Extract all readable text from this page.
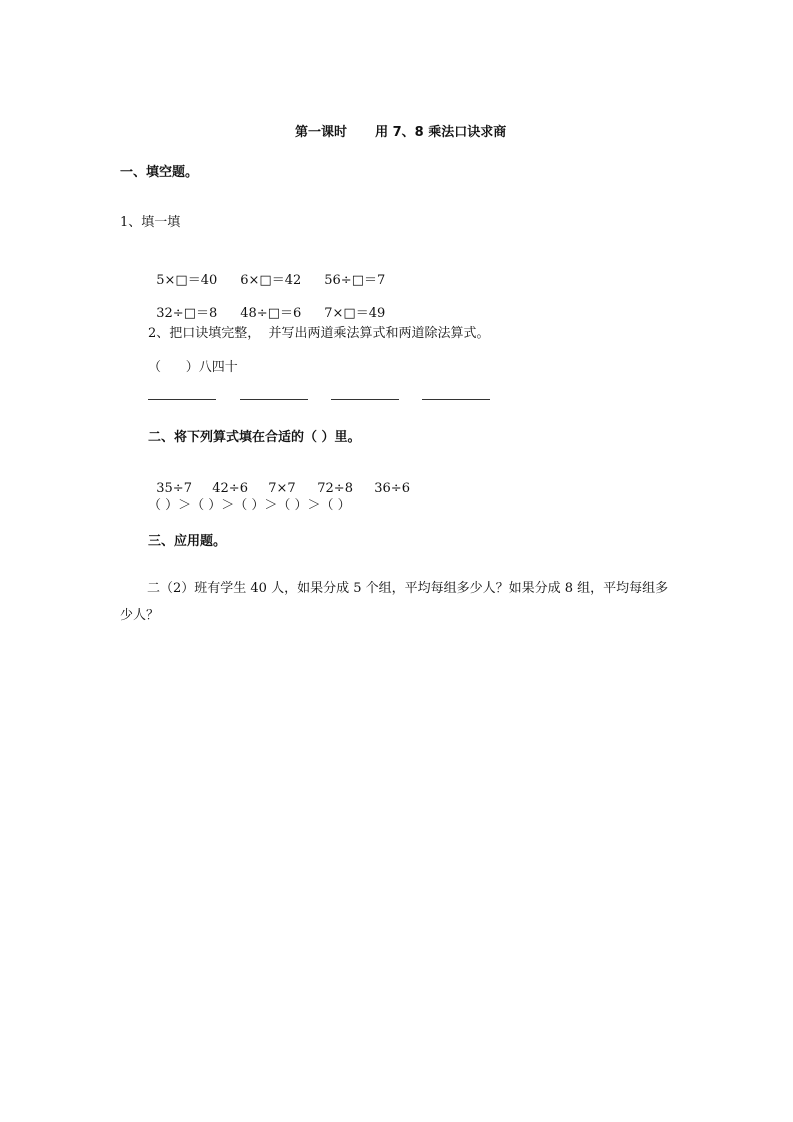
第一课时 用 7、8 乘法口诀求商

一、填空题。
1、填一填

5×□＝40 6×□＝42 56÷□＝7

32÷□＝8 48÷□＝6 7×□＝49

2、把口诀填完整，  并写出两道乘法算式和两道除法算式。
（      ）八四十
二、将下列算式填在合适的（ ）里。

35÷7 42÷6 7×7 72÷8 36÷6

（ ）＞（ ）＞（ ）＞（ ）＞（ ）
三、应用题。
二（2）班有学生 40 人，如果分成 5 个组，平均每组多少人？如果分成 8 组，平均每组多少人？
